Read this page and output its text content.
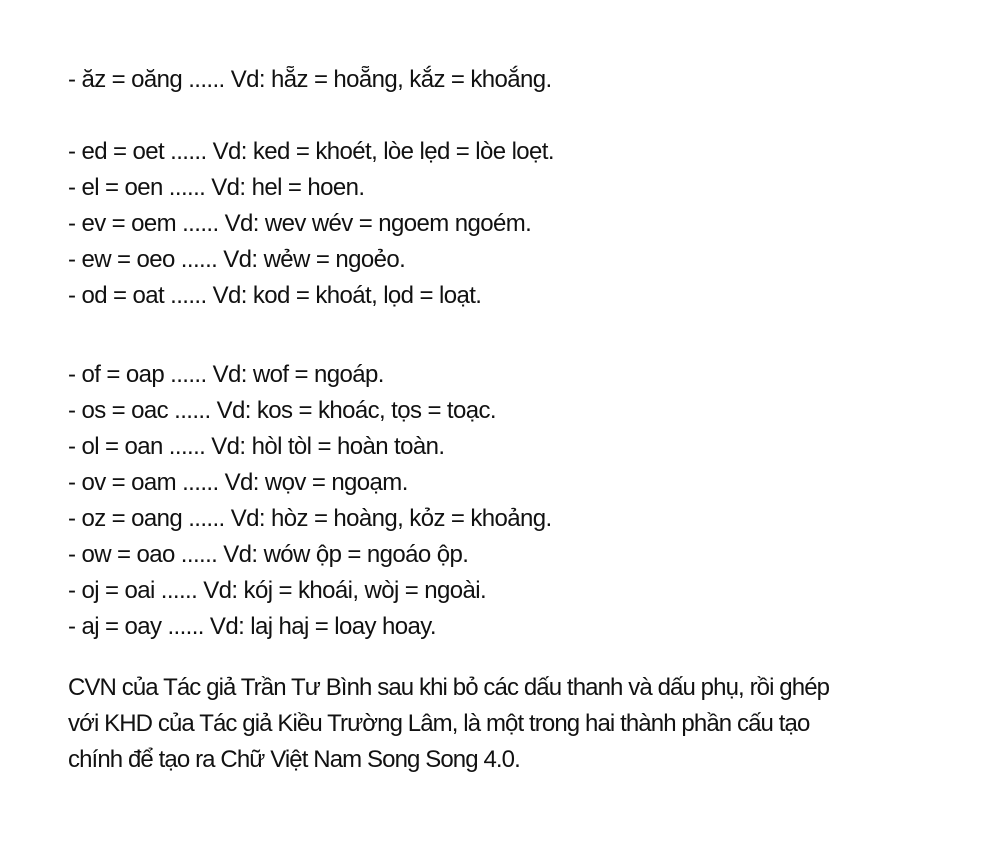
- ăz = oăng ...... Vd: hẵz = hoẵng, kắz = khoắng.
- ed = oet ...... Vd: ked = khoét, lòe lẹd = lòe loẹt.
- el = oen ...... Vd: hel = hoen.
- ev = oem ...... Vd: wev wév = ngoem ngoém.
- ew = oeo ...... Vd: wẻw = ngoẻo.
- od = oat ...... Vd: kod = khoát, lọd = loạt.
- of = oap ...... Vd: wof = ngoáp.
- os = oac ...... Vd: kos = khoác, tọs = toạc.
- ol = oan ...... Vd: hòl tòl = hoàn toàn.
- ov = oam ...... Vd: wọv = ngoạm.
- oz = oang ...... Vd: hòz = hoàng, kỏz = khoảng.
- ow = oao ...... Vd: wów ộp = ngoáo ộp.
- oj = oai ...... Vd: kój = khoái, wòj = ngoài.
- aj = oay ...... Vd: laj haj = loay hoay.
CVN của Tác giả Trần Tư Bình sau khi bỏ các dấu thanh và dấu phụ, rồi ghép
với KHD của Tác giả Kiều Trường Lâm, là một trong hai thành phần cấu tạo
chính để tạo ra Chữ Việt Nam Song Song 4.0.
